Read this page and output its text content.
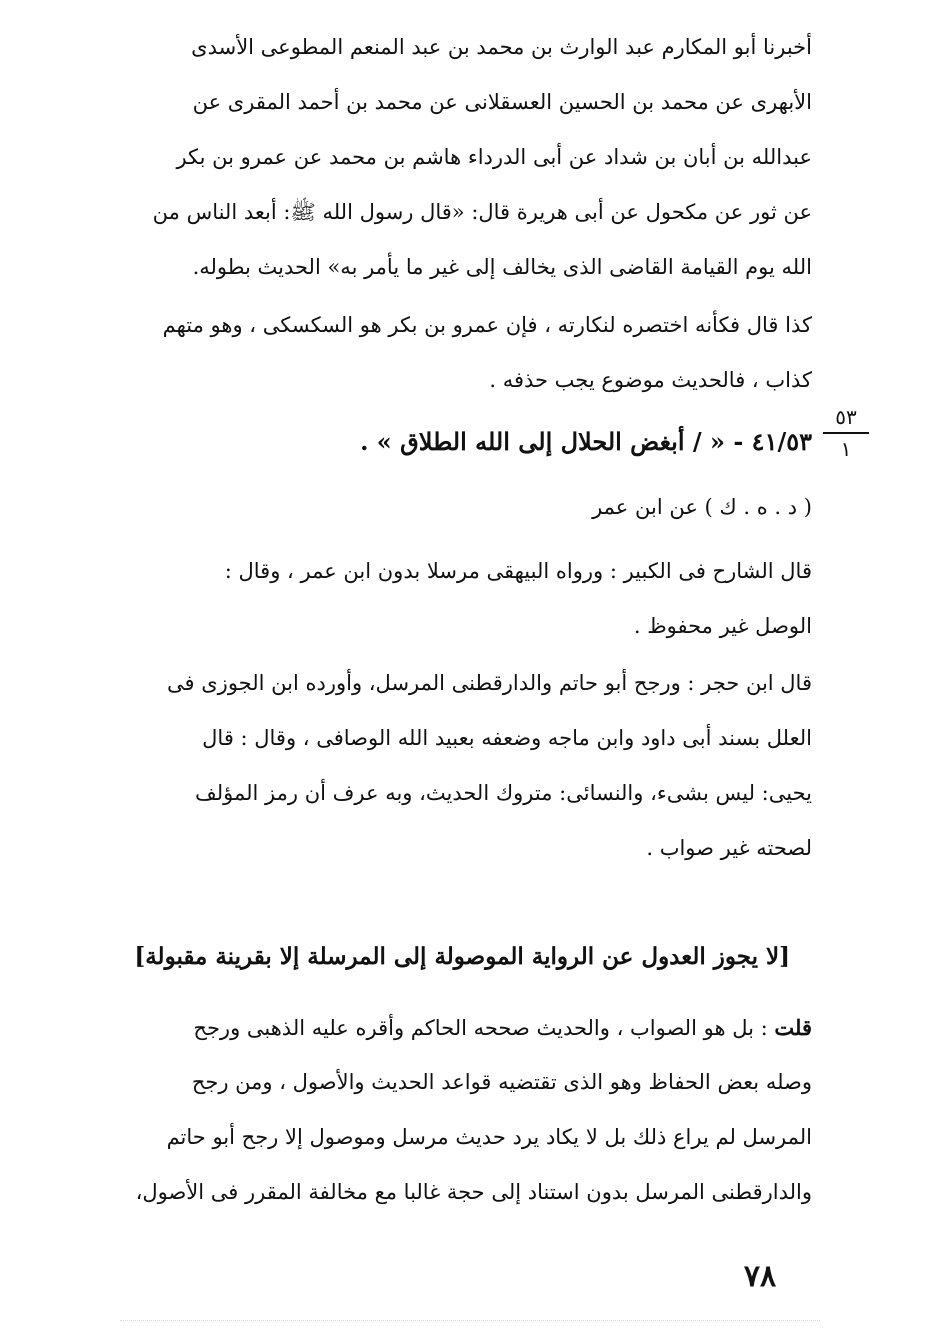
أخبرنا أبو المكارم عبد الوارث بن محمد بن عبد المنعم المطوعى الأسدى
الأبهرى عن محمد بن الحسين العسقلانى عن محمد بن أحمد المقرى عن
عبدالله بن أبان بن شداد عن أبى الدرداء هاشم بن محمد عن عمرو بن بكر
عن ثور عن مكحول عن أبى هريرة قال: «قال رسول الله ﷺ: أبعد الناس من
الله يوم القيامة القاضى الذى يخالف إلى غير ما يأمر به» الحديث بطوله.
كذا قال فكأنه اختصره لنكارته ، فإن عمرو بن بكر هو السكسكى ، وهو متهم
كذاب ، فالحديث موضوع يجب حذفه .
٥٣
١
٤١/٥٣ - « / أبغض الحلال إلى الله الطلاق » .
( د . ه . ك ) عن ابن عمر
قال الشارح فى الكبير : ورواه البيهقى مرسلا بدون ابن عمر ، وقال :
الوصل غير محفوظ .
قال ابن حجر : ورجح أبو حاتم والدارقطنى المرسل، وأورده ابن الجوزى فى
العلل بسند أبى داود وابن ماجه وضعفه بعبيد الله الوصافى ، وقال : قال
يحيى: ليس بشىء، والنسائى: متروك الحديث، وبه عرف أن رمز المؤلف
لصحته غير صواب .
[لا يجوز العدول عن الرواية الموصولة إلى المرسلة إلا بقرينة مقبولة]
قلت : بل هو الصواب ، والحديث صححه الحاكم وأقره عليه الذهبى ورجح
وصله بعض الحفاظ وهو الذى تقتضيه قواعد الحديث والأصول ، ومن رجح
المرسل لم يراع ذلك بل لا يكاد يرد حديث مرسل وموصول إلا رجح أبو حاتم
والدارقطنى المرسل بدون استناد إلى حجة غالبا مع مخالفة المقرر فى الأصول،
٧٨
